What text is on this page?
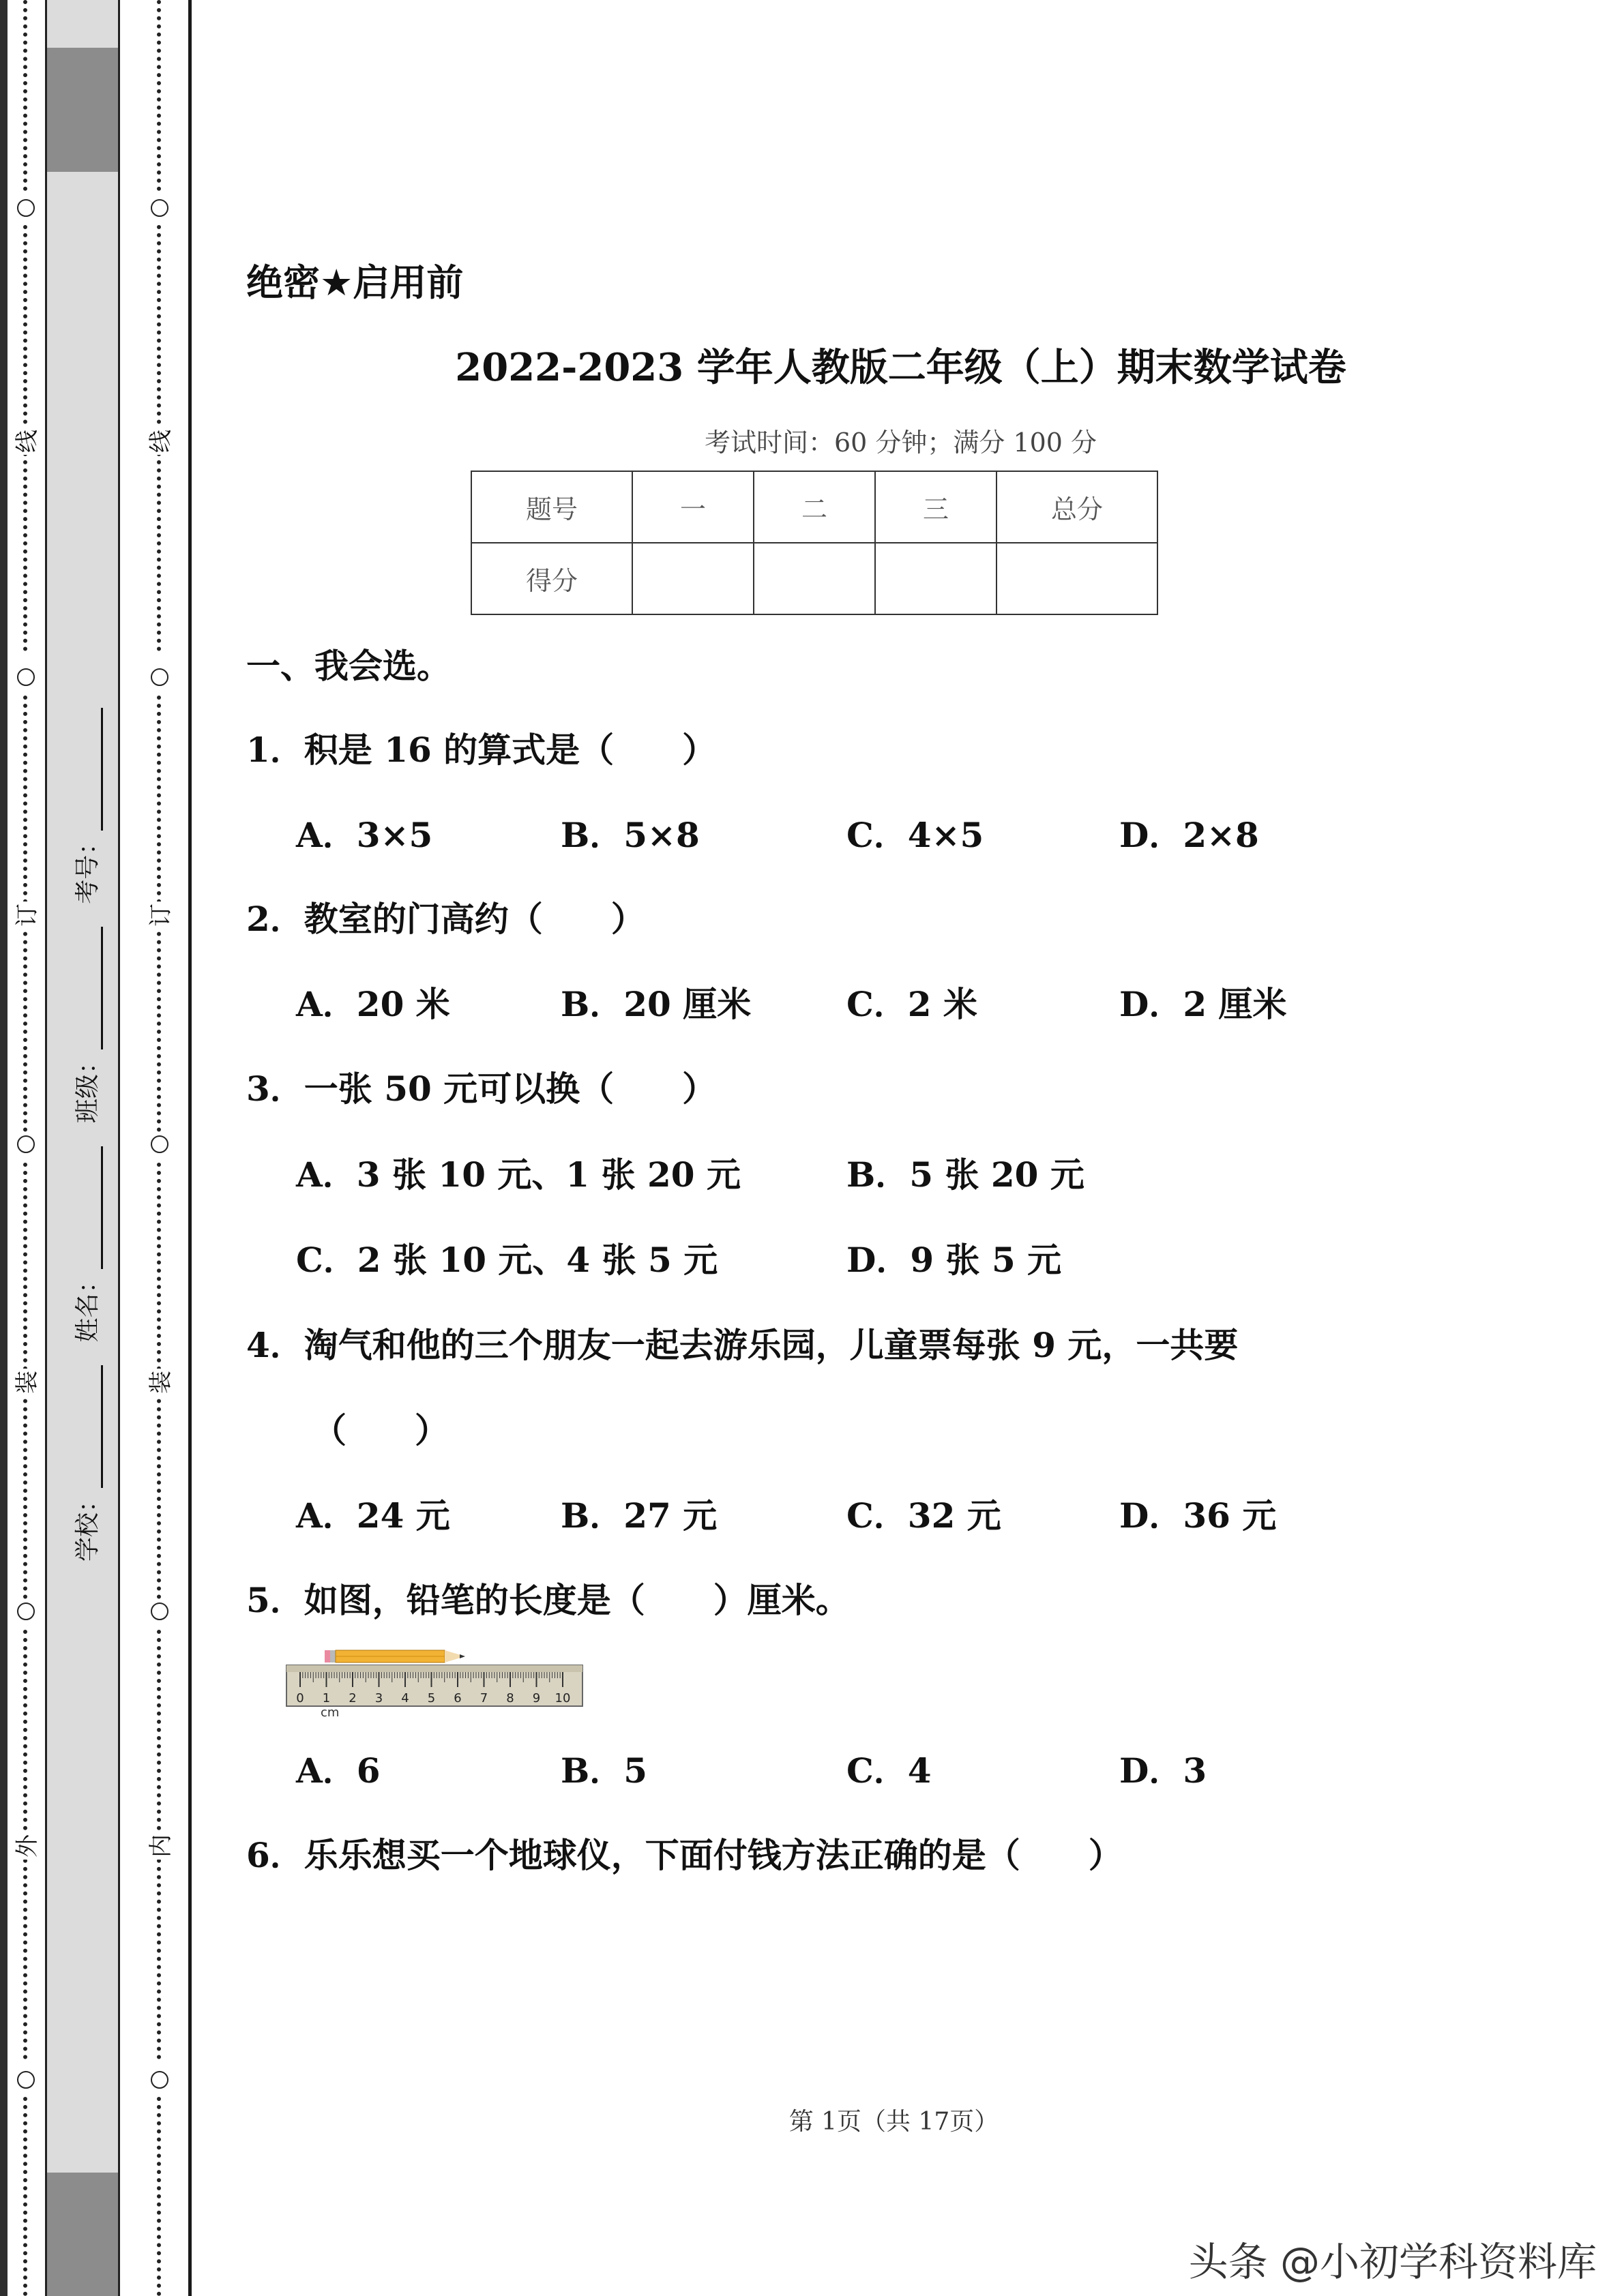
线
订
装
外
线
订
装
内
学校： 姓名： 班级： 考号：
绝密★启用前
2022-2023 学年人教版二年级（上）期末数学试卷
考试时间：60 分钟；满分 100 分
题号	一	二	三	总分
得分				
一、我会选。
1．积是 16 的算式是（　　）
A．3×5	B．5×8	C．4×5	D．2×8
2．教室的门高约（　　）
A．20 米	B．20 厘米	C．2 米	D．2 厘米
3．一张 50 元可以换（　　）
A．3 张 10 元、1 张 20 元	B．5 张 20 元
C．2 张 10 元、4 张 5 元	D．9 张 5 元
4．淘气和他的三个朋友一起去游乐园，儿童票每张 9 元，一共要
（　　）
A．24 元	B．27 元	C．32 元	D．36 元
5．如图，铅笔的长度是（　　）厘米。
0 1 2 3 4 5 6 7 8 9 10
cm
A．6	B．5	C．4	D．3
6．乐乐想买一个地球仪，下面付钱方法正确的是（　　）
第 1页（共 17页）
头条 @小初学科资料库
